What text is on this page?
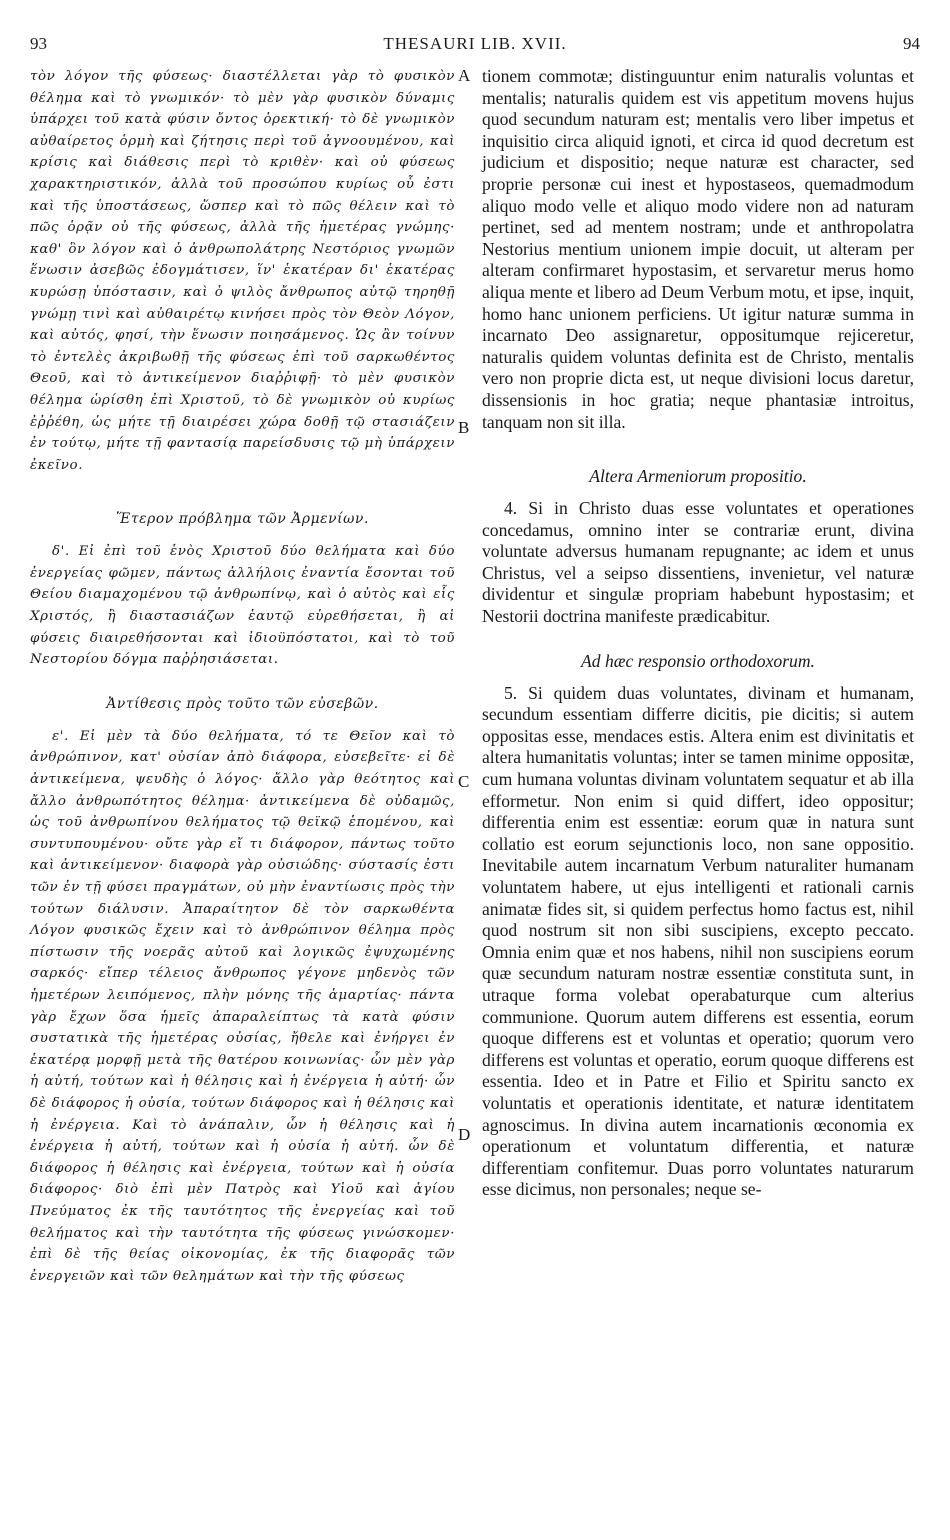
93	THESAURI LIB. XVII.	94

τὸν λόγον τῆς φύσεως· διαστέλλεται γὰρ τὸ φυσικὸν θέλημα καὶ τὸ γνωμικόν· τὸ μὲν γὰρ φυσικὸν δύναμις ὑπάρχει τοῦ κατὰ φύσιν ὄντος ὀρεκτική· τὸ δὲ γνωμικὸν αὐθαίρετος ὁρμὴ καὶ ζήτησις περὶ τοῦ ἀγνοουμένου, καὶ κρίσις καὶ διάθεσις περὶ τὸ κριθὲν· καὶ οὐ φύσεως χαρακτηριστικόν, ἀλλὰ τοῦ προσώπου κυρίως οὗ ἐστι καὶ τῆς ὑποστάσεως, ὥσπερ καὶ τὸ πῶς θέλειν καὶ τὸ πῶς ὁρᾷν οὐ τῆς φύσεως, ἀλλὰ τῆς ἡμετέρας γνώμης· καθ' ὃν λόγον καὶ ὁ ἀνθρωπολάτρης Νεστόριος γνωμῶν ἕνωσιν ἀσεβῶς ἐδογμάτισεν, ἵν' ἑκατέραν δι' ἑκατέρας κυρώσῃ ὑπόστασιν, καὶ ὁ ψιλὸς ἄνθρωπος αὐτῷ τηρηθῇ γνώμῃ τινὶ καὶ αὐθαιρέτῳ κινήσει πρὸς τὸν Θεὸν Λόγον, καὶ αὐτός, φησί, τὴν ἕνωσιν ποιησάμενος. Ὡς ἂν τοίνυν τὸ ἐντελὲς ἀκριβωθῇ τῆς φύσεως ἐπὶ τοῦ σαρκωθέντος Θεοῦ, καὶ τὸ ἀντικείμενον διαῤῥιφῇ· τὸ μὲν φυσικὸν θέλημα ὡρίσθη ἐπὶ Χριστοῦ, τὸ δὲ γνωμικὸν οὐ κυρίως ἐῤῥέθη, ὡς μήτε τῇ διαιρέσει χώρα δοθῇ τῷ στασιάζειν ἐν τούτῳ, μήτε τῇ φαντασίᾳ παρείσδυσις τῷ μὴ ὑπάρχειν ἐκεῖνο.

Ἕτερον πρόβλημα τῶν Ἀρμενίων.

δ'. Εἰ ἐπὶ τοῦ ἑνὸς Χριστοῦ δύο θελήματα καὶ δύο ἐνεργείας φῶμεν, πάντως ἀλλήλοις ἐναντία ἔσονται τοῦ Θείου διαμαχομένου τῷ ἀνθρωπίνῳ, καὶ ὁ αὐτὸς καὶ εἷς Χριστός, ἢ διαστασιάζων ἑαυτῷ εὑρεθήσεται, ἢ αἱ φύσεις διαιρεθήσονται καὶ ἰδιοϋπόστατοι, καὶ τὸ τοῦ Νεστορίου δόγμα παῤῥησιάσεται.

Ἀντίθεσις πρὸς τοῦτο τῶν εὐσεβῶν.

ε'. Εἰ μὲν τὰ δύο θελήματα, τό τε Θεῖον καὶ τὸ ἀνθρώπινον, κατ' οὐσίαν ἀπὸ διάφορα, εὐσεβεῖτε· εἰ δὲ ἀντικείμενα, ψευδὴς ὁ λόγος· ἄλλο γὰρ θεότητος καὶ ἄλλο ἀνθρωπότητος θέλημα· ἀντικείμενα δὲ οὐδαμῶς, ὡς τοῦ ἀνθρωπίνου θελήματος τῷ θεϊκῷ ἑπομένου, καὶ συντυπουμένου· οὔτε γὰρ εἴ τι διάφορον, πάντως τοῦτο καὶ ἀντικείμενον· διαφορὰ γὰρ οὐσιώδης· σύστασίς ἐστι τῶν ἐν τῇ φύσει πραγμάτων, οὐ μὴν ἐναντίωσις πρὸς τὴν τούτων διάλυσιν. Ἀπαραίτητον δὲ τὸν σαρκωθέντα Λόγον φυσικῶς ἔχειν καὶ τὸ ἀνθρώπινον θέλημα πρὸς πίστωσιν τῆς νοερᾶς αὐτοῦ καὶ λογικῶς ἐψυχωμένης σαρκός· εἴπερ τέλειος ἄνθρωπος γέγονε μηδενὸς τῶν ἡμετέρων λειπόμενος, πλὴν μόνης τῆς ἁμαρτίας· πάντα γὰρ ἔχων ὅσα ἡμεῖς ἀπαραλείπτως τὰ κατὰ φύσιν συστατικὰ τῆς ἡμετέρας οὐσίας, ἤθελε καὶ ἐνήργει ἐν ἑκατέρᾳ μορφῇ μετὰ τῆς θατέρου κοινωνίας· ὧν μὲν γὰρ ἡ αὐτή, τούτων καὶ ἡ θέλησις καὶ ἡ ἐνέργεια ἡ αὐτή· ὧν δὲ διάφορος ἡ οὐσία, τούτων διάφορος καὶ ἡ θέλησις καὶ ἡ ἐνέργεια. Καὶ τὸ ἀνάπαλιν, ὧν ἡ θέλησις καὶ ἡ ἐνέργεια ἡ αὐτή, τούτων καὶ ἡ οὐσία ἡ αὐτή. ὧν δὲ διάφορος ἡ θέλησις καὶ ἐνέργεια, τούτων καὶ ἡ οὐσία διάφορος· διὸ ἐπὶ μὲν Πατρὸς καὶ Υἱοῦ καὶ ἁγίου Πνεύματος ἐκ τῆς ταυτότητος τῆς ἐνεργείας καὶ τοῦ θελήματος καὶ τὴν ταυτότητα τῆς φύσεως γινώσκομεν· ἐπὶ δὲ τῆς θείας οἰκονομίας, ἐκ τῆς διαφορᾶς τῶν ἐνεργειῶν καὶ τῶν θελημάτων καὶ τὴν τῆς φύσεως

tionem commotæ; distinguuntur enim naturalis voluntas et mentalis; naturalis quidem est vis appetitum movens hujus quod secundum naturam est; mentalis vero liber impetus et inquisitio circa aliquid ignoti, et circa id quod decretum est judicium et dispositio; neque naturæ est character, sed proprie personæ cui inest et hypostaseos, quemadmodum aliquo modo velle et aliquo modo videre non ad naturam pertinet, sed ad mentem nostram; unde et anthropolatra Nestorius mentium unionem impie docuit, ut alteram per alteram confirmaret hypostasim, et servaretur merus homo aliqua mente et libero ad Deum Verbum motu, et ipse, inquit, homo hanc unionem perficiens. Ut igitur naturæ summa in incarnato Deo assignaretur, oppositumque rejiceretur, naturalis quidem voluntas definita est de Christo, mentalis vero non proprie dicta est, ut neque divisioni locus daretur, dissensionis in hoc gratia; neque phantasiæ introitus, tanquam non sit illa.

Altera Armeniorum propositio.

4. Si in Christo duas esse voluntates et operationes concedamus, omnino inter se contrariæ erunt, divina voluntate adversus humanam repugnante; ac idem et unus Christus, vel a seipso dissentiens, invenietur, vel naturæ dividentur et singulæ propriam habebunt hypostasim; et Nestorii doctrina manifeste prædicabitur.

Ad hæc responsio orthodoxorum.

5. Si quidem duas voluntates, divinam et humanam, secundum essentiam differre dicitis, pie dicitis; si autem oppositas esse, mendaces estis. Altera enim est divinitatis et altera humanitatis voluntas; inter se tamen minime oppositæ, cum humana voluntas divinam voluntatem sequatur et ab illa efformetur. Non enim si quid differt, ideo oppositur; differentia enim est essentiæ: eorum quæ in natura sunt collatio est eorum sejunctionis loco, non sane oppositio. Inevitabile autem incarnatum Verbum naturaliter humanam voluntatem habere, ut ejus intelligenti et rationali carnis animatæ fides sit, si quidem perfectus homo factus est, nihil quod nostrum sit non sibi suscipiens, excepto peccato. Omnia enim quæ et nos habens, nihil non suscipiens eorum quæ secundum naturam nostræ essentiæ constituta sunt, in utraque forma volebat operabaturque cum alterius communione. Quorum autem differens est essentia, eorum quoque differens est et voluntas et operatio; quorum vero differens est voluntas et operatio, eorum quoque differens est essentia. Ideo et in Patre et Filio et Spiritu sancto ex voluntatis et operationis identitate, et naturæ identitatem agnoscimus. In divina autem incarnationis œconomia ex operationum et voluntatum differentia, et naturæ differentiam confitemur. Duas porro voluntates naturarum esse dicimus, non personales; neque se-

A
B
C
D
